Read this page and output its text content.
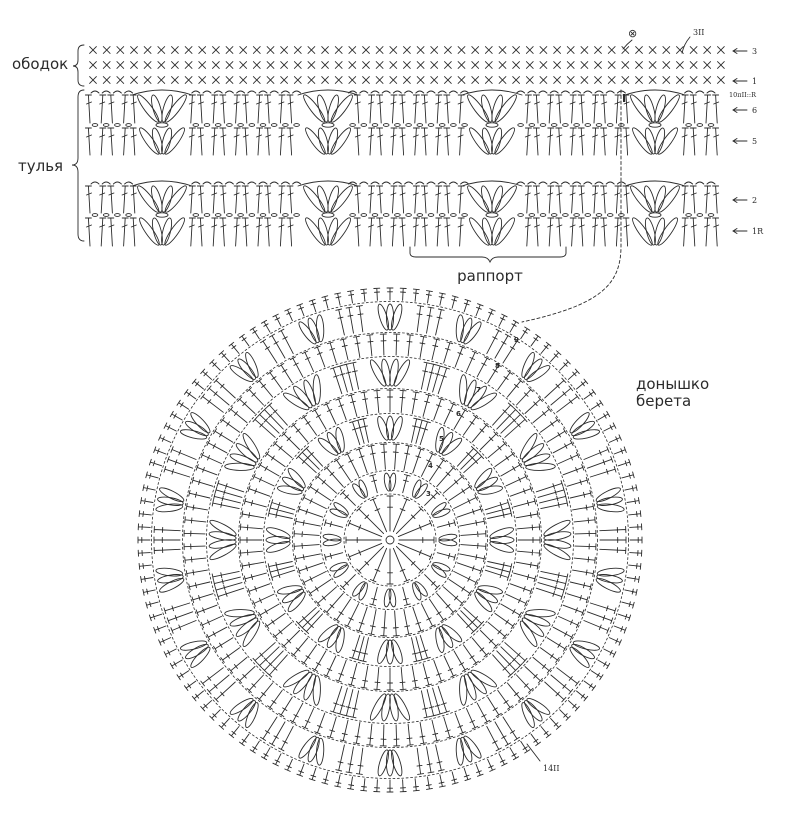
ободок
тулья
раппорт
донышко
берета
3
1
10пII::R
6
5
2
1R
⊗	3II
14II
9
8
7
6
5
4
3
